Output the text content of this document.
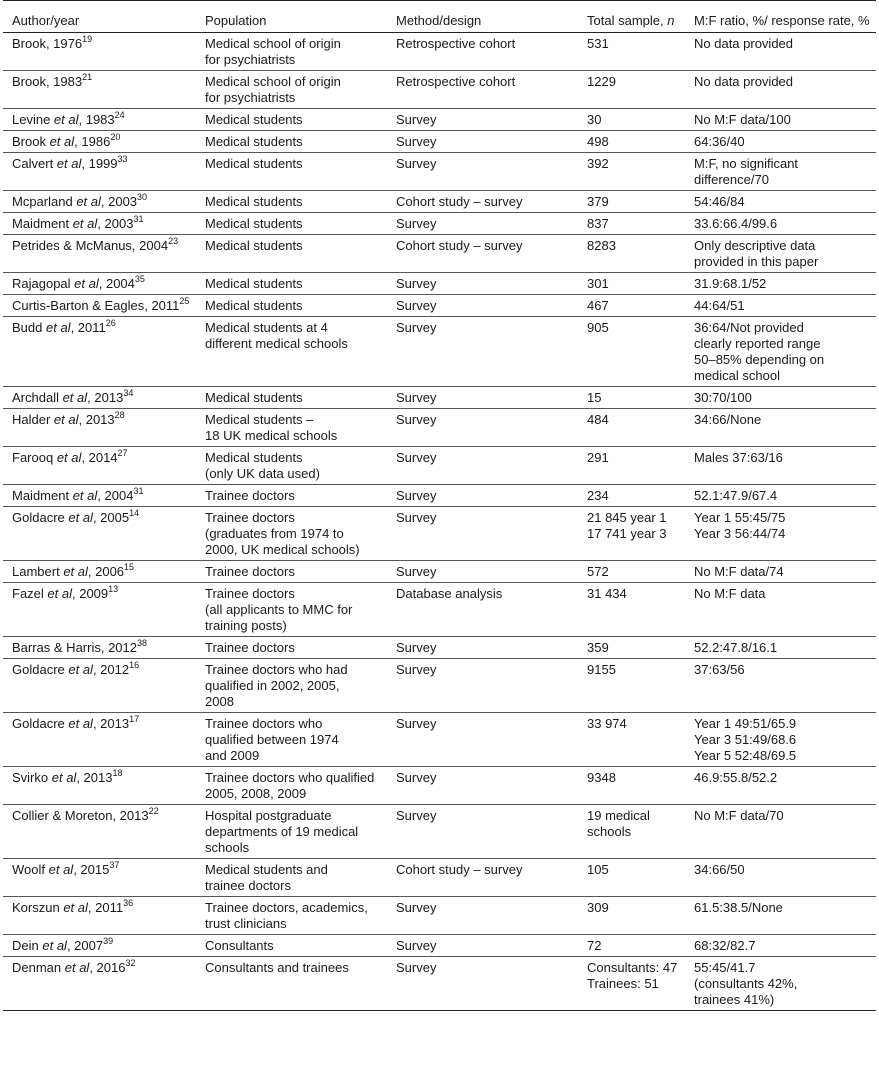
Author/year	Population	Method/design	Total sample, n	M:F ratio, %/ response rate, %
Brook, 1976$^{19}$	Medical school of origin
for psychiatrists	Retrospective cohort	531	No data provided

Brook, 1983$^{21}$	Medical school of origin
for psychiatrists	Retrospective cohort	1229	No data provided

Levine et al, 1983$^{24}$	Medical students	Survey	30	No M:F data/100

Brook et al, 1986$^{20}$	Medical students	Survey	498	64:36/40

Calvert et al, 1999$^{33}$	Medical students	Survey	392	M:F, no significant
difference/70

Mcparland et al, 2003$^{30}$	Medical students	Cohort study – survey	379	54:46/84

Maidment et al, 2003$^{31}$	Medical students	Survey	837	33.6:66.4/99.6

Petrides & McManus, 2004$^{23}$	Medical students	Cohort study – survey	8283	Only descriptive data
provided in this paper

Rajagopal et al, 2004$^{35}$	Medical students	Survey	301	31.9:68.1/52

Curtis-Barton & Eagles, 2011$^{25}$	Medical students	Survey	467	44:64/51

Budd et al, 2011$^{26}$	Medical students at 4
different medical schools	Survey	905	36:64/Not provided
clearly reported range
50–85% depending on
medical school

Archdall et al, 2013$^{34}$	Medical students	Survey	15	30:70/100

Halder et al, 2013$^{28}$	Medical students –
18 UK medical schools	Survey	484	34:66/None

Farooq et al, 2014$^{27}$	Medical students
(only UK data used)	Survey	291	Males 37:63/16

Maidment et al, 2004$^{31}$	Trainee doctors	Survey	234	52.1:47.9/67.4

Goldacre et al, 2005$^{14}$	Trainee doctors
(graduates from 1974 to
2000, UK medical schools)	Survey	21 845 year 1
17 741 year 3	Year 1 55:45/75
Year 3 56:44/74

Lambert et al, 2006$^{15}$	Trainee doctors	Survey	572	No M:F data/74

Fazel et al, 2009$^{13}$	Trainee doctors
(all applicants to MMC for
training posts)	Database analysis	31 434	No M:F data

Barras & Harris, 2012$^{38}$	Trainee doctors	Survey	359	52.2:47.8/16.1

Goldacre et al, 2012$^{16}$	Trainee doctors who had
qualified in 2002, 2005,
2008	Survey	9155	37:63/56

Goldacre et al, 2013$^{17}$	Trainee doctors who
qualified between 1974
and 2009	Survey	33 974	Year 1 49:51/65.9
Year 3 51:49/68.6
Year 5 52:48/69.5

Svirko et al, 2013$^{18}$	Trainee doctors who qualified
2005, 2008, 2009	Survey	9348	46.9:55.8/52.2

Collier & Moreton, 2013$^{22}$	Hospital postgraduate
departments of 19 medical
schools	Survey	19 medical
schools	No M:F data/70

Woolf et al, 2015$^{37}$	Medical students and
trainee doctors	Cohort study – survey	105	34:66/50

Korszun et al, 2011$^{36}$	Trainee doctors, academics,
trust clinicians	Survey	309	61.5:38.5/None

Dein et al, 2007$^{39}$	Consultants	Survey	72	68:32/82.7

Denman et al, 2016$^{32}$	Consultants and trainees	Survey	Consultants: 47
Trainees: 51	55:45/41.7
(consultants 42%,
trainees 41%)
